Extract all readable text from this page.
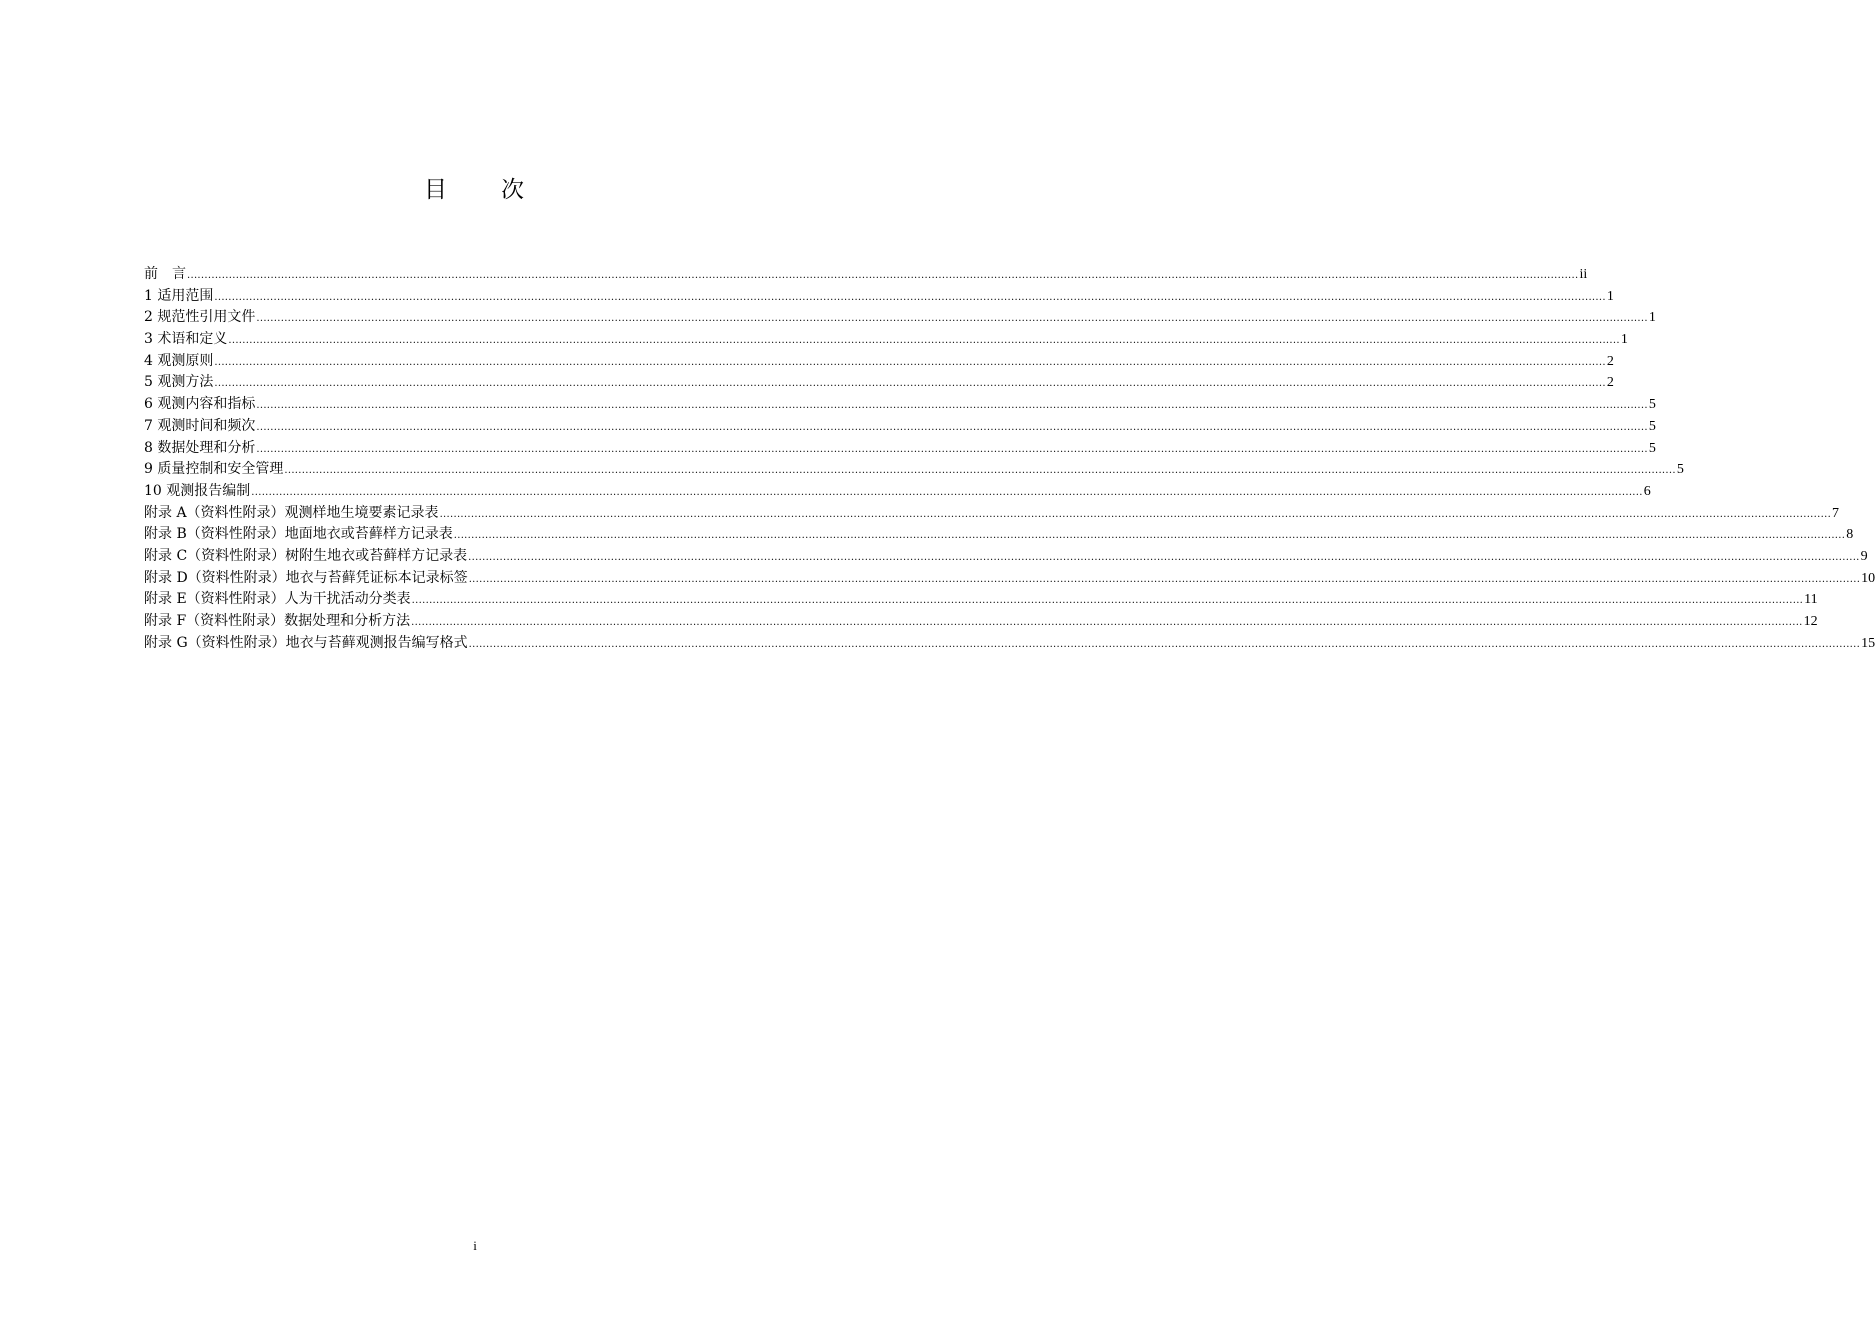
目 次
前　言 ................................................................................................................................................................................................................................................................................................................................................................................................................ ii
1 适用范围 ................................................................................................................................................................................................................................................................................................................................................................................................................ 1
2 规范性引用文件 ................................................................................................................................................................................................................................................................................................................................................................................................................ 1
3 术语和定义 ................................................................................................................................................................................................................................................................................................................................................................................................................ 1
4 观测原则 ................................................................................................................................................................................................................................................................................................................................................................................................................ 2
5 观测方法 ................................................................................................................................................................................................................................................................................................................................................................................................................ 2
6 观测内容和指标 ................................................................................................................................................................................................................................................................................................................................................................................................................ 5
7 观测时间和频次 ................................................................................................................................................................................................................................................................................................................................................................................................................ 5
8 数据处理和分析 ................................................................................................................................................................................................................................................................................................................................................................................................................ 5
9 质量控制和安全管理 ................................................................................................................................................................................................................................................................................................................................................................................................................ 5
10 观测报告编制 ................................................................................................................................................................................................................................................................................................................................................................................................................ 6
附录 A（资料性附录）观测样地生境要素记录表 ................................................................................................................................................................................................................................................................................................................................................................................................................ 7
附录 B（资料性附录）地面地衣或苔藓样方记录表 ................................................................................................................................................................................................................................................................................................................................................................................................................ 8
附录 C（资料性附录）树附生地衣或苔藓样方记录表 ................................................................................................................................................................................................................................................................................................................................................................................................................ 9
附录 D（资料性附录）地衣与苔藓凭证标本记录标签 ................................................................................................................................................................................................................................................................................................................................................................................................................ 10
附录 E（资料性附录）人为干扰活动分类表 ................................................................................................................................................................................................................................................................................................................................................................................................................ 11
附录 F（资料性附录）数据处理和分析方法 ................................................................................................................................................................................................................................................................................................................................................................................................................ 12
附录 G（资料性附录）地衣与苔藓观测报告编写格式 ................................................................................................................................................................................................................................................................................................................................................................................................................ 15
i
